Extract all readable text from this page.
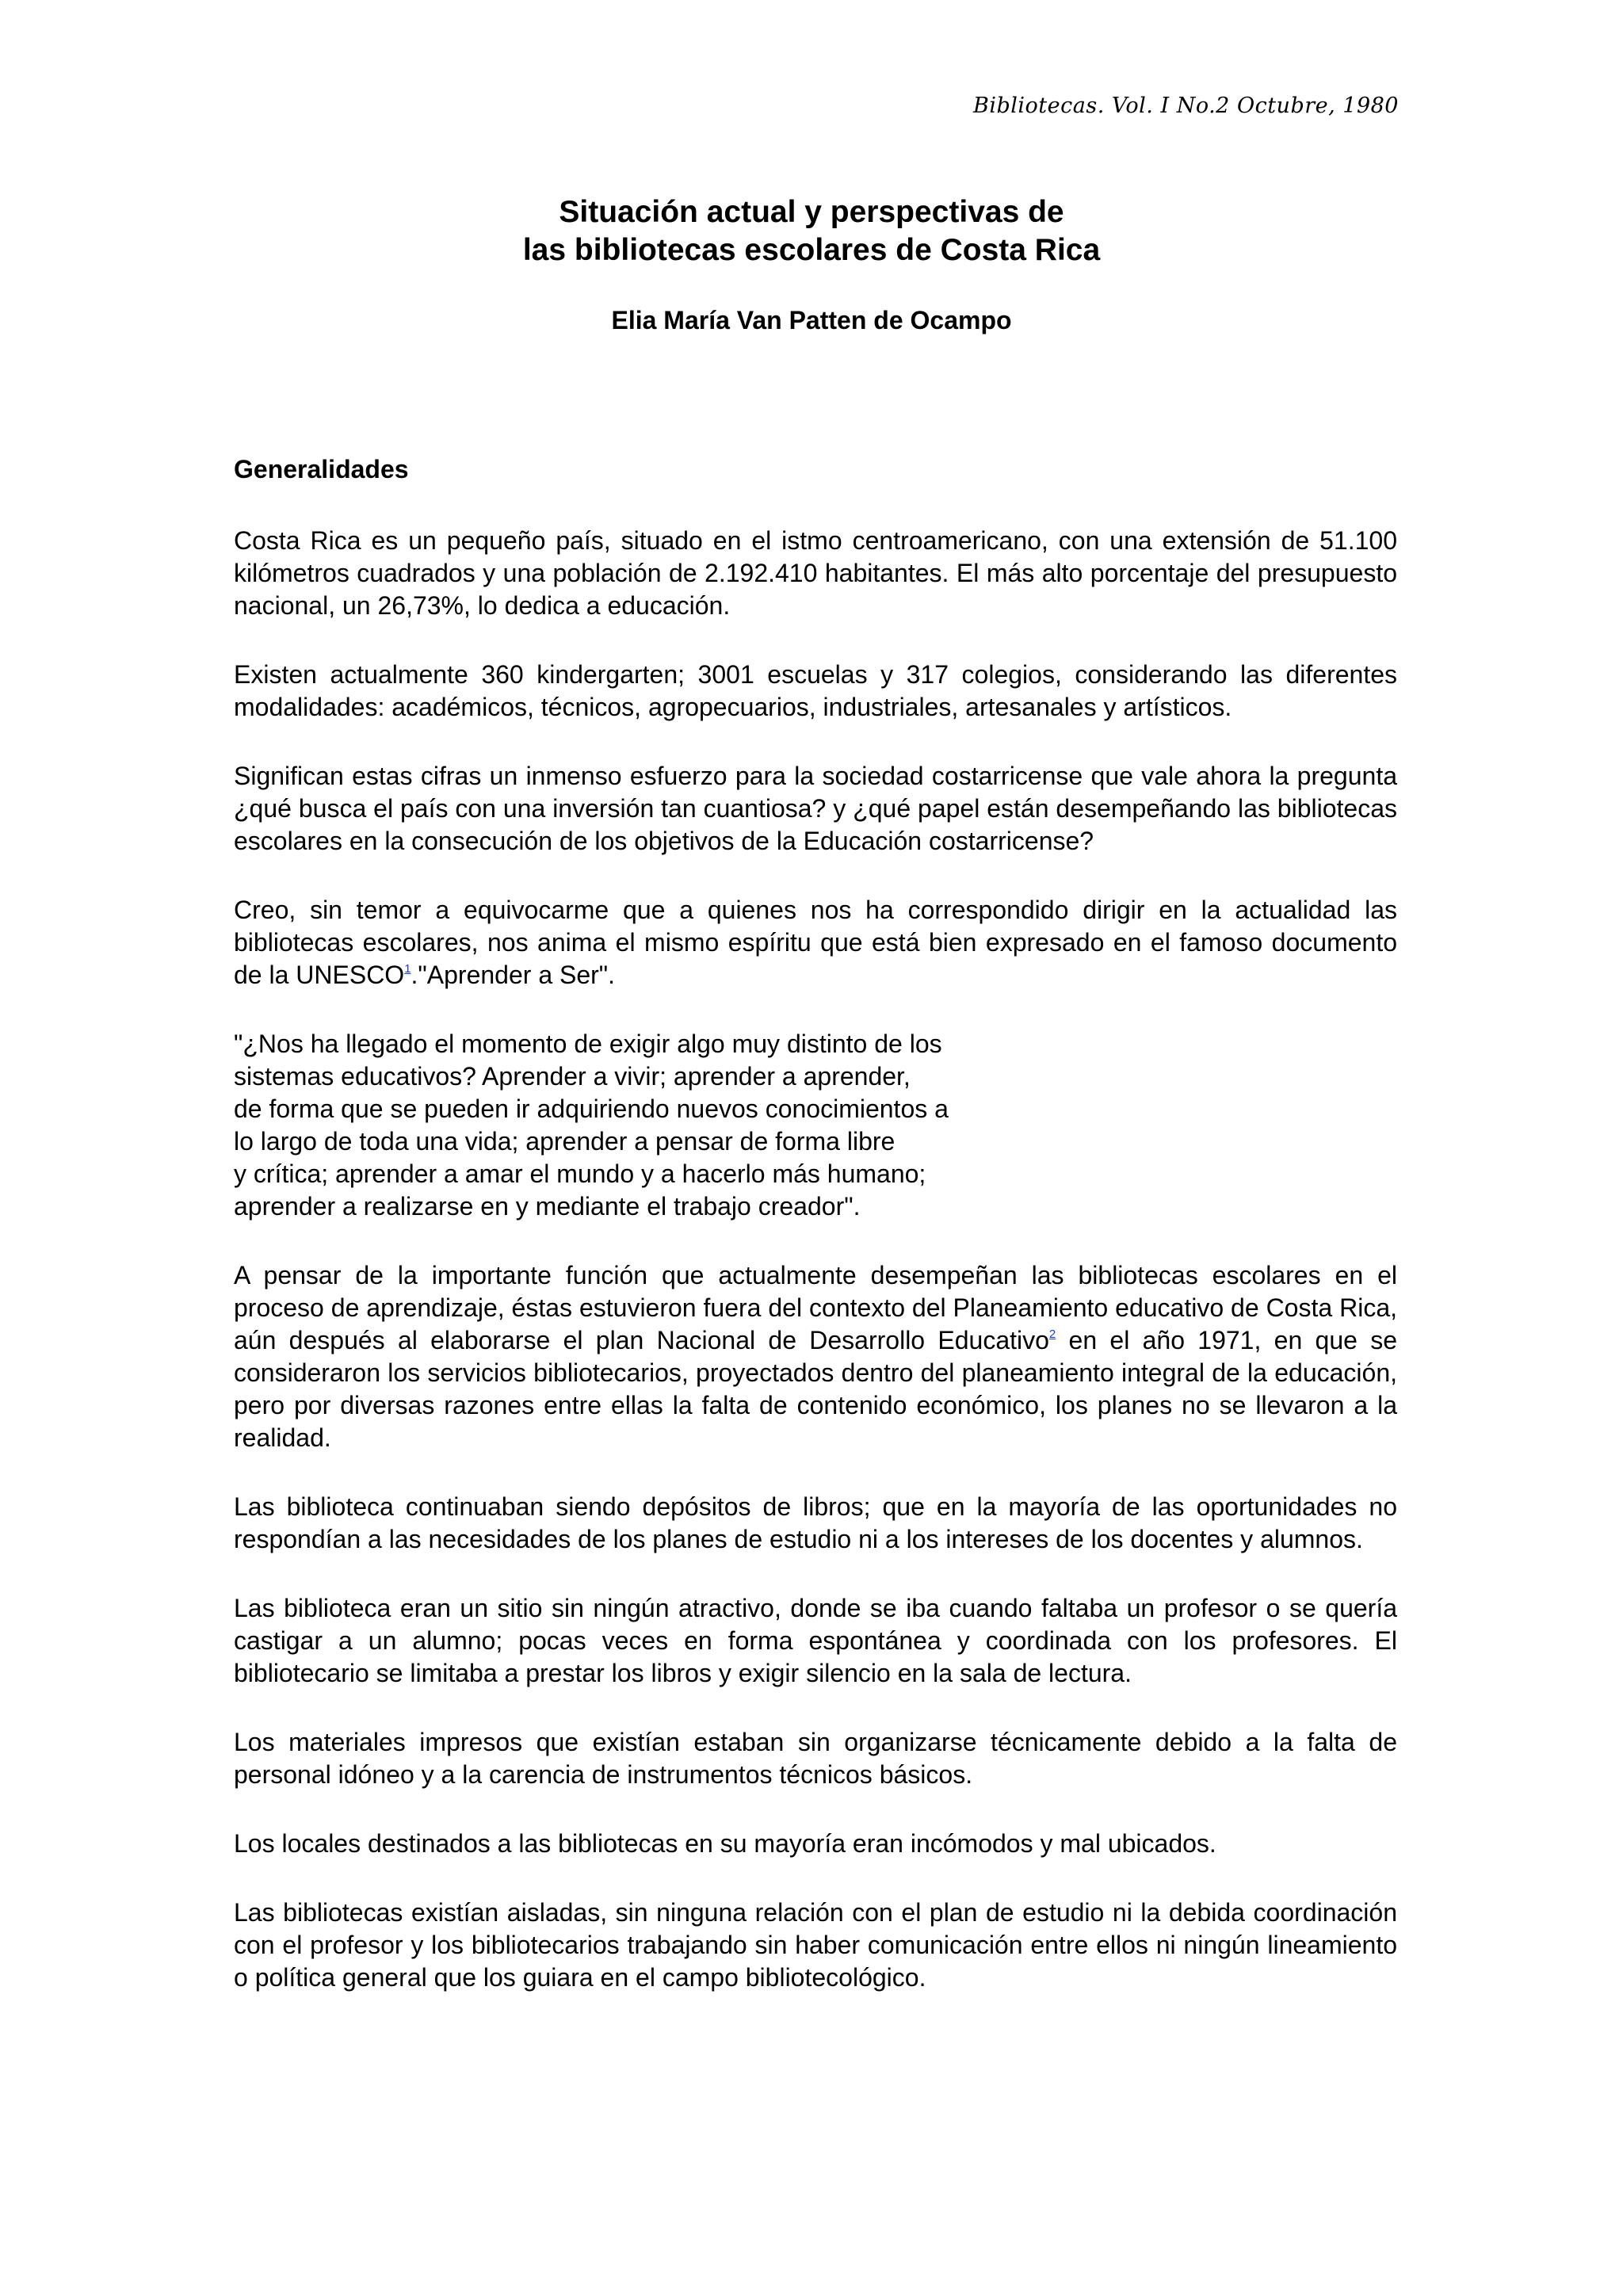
Bibliotecas. Vol. I No.2 Octubre, 1980
Situación actual y perspectivas de
las bibliotecas escolares de Costa Rica
Elia María Van Patten de Ocampo
Generalidades

Costa Rica es un pequeño país, situado en el istmo centroamericano, con una extensión de 51.100 kilómetros cuadrados y una población de 2.192.410 habitantes. El más alto porcentaje del presupuesto nacional, un 26,73%, lo dedica a educación.

Existen actualmente 360 kindergarten; 3001 escuelas y 317 colegios, considerando las diferentes modalidades: académicos, técnicos, agropecuarios, industriales, artesanales y artísticos.

Significan estas cifras un inmenso esfuerzo para la sociedad costarricense que vale ahora la pregunta ¿qué busca el país con una inversión tan cuantiosa? y ¿qué papel están desempeñando las bibliotecas escolares en la consecución de los objetivos de la Educación costarricense?

Creo, sin temor a equivocarme que a quienes nos ha correspondido dirigir en la actualidad las bibliotecas escolares, nos anima el mismo espíritu que está bien expresado en el famoso documento de la UNESCO$^1$."Aprender a Ser".

"¿Nos ha llegado el momento de exigir algo muy distinto de los
sistemas educativos? Aprender a vivir; aprender a aprender,
de forma que se pueden ir adquiriendo nuevos conocimientos a
lo largo de toda una vida; aprender a pensar de forma libre
y crítica; aprender a amar el mundo y a hacerlo más humano;
aprender a realizarse en y mediante el trabajo creador".

A pensar de la importante función que actualmente desempeñan las bibliotecas escolares en el proceso de aprendizaje, éstas estuvieron fuera del contexto del Planeamiento educativo de Costa Rica, aún después al elaborarse el plan Nacional de Desarrollo Educativo$^2$ en el año 1971, en que se consideraron los servicios bibliotecarios, proyectados dentro del planeamiento integral de la educación, pero por diversas razones entre ellas la falta de contenido económico, los planes no se llevaron a la realidad.

Las biblioteca continuaban siendo depósitos de libros; que en la mayoría de las oportunidades no respondían a las necesidades de los planes de estudio ni a los intereses de los docentes y alumnos.

Las biblioteca eran un sitio sin ningún atractivo, donde se iba cuando faltaba un profesor o se quería castigar a un alumno; pocas veces en forma espontánea y coordinada con los profesores. El bibliotecario se limitaba a prestar los libros y exigir silencio en la sala de lectura.

Los materiales impresos que existían estaban sin organizarse técnicamente debido a la falta de personal idóneo y a la carencia de instrumentos técnicos básicos.

Los locales destinados a las bibliotecas en su mayoría eran incómodos y mal ubicados.

Las bibliotecas existían aisladas, sin ninguna relación con el plan de estudio ni la debida coordinación con el profesor y los bibliotecarios trabajando sin haber comunicación entre ellos ni ningún lineamiento o política general que los guiara en el campo bibliotecológico.
